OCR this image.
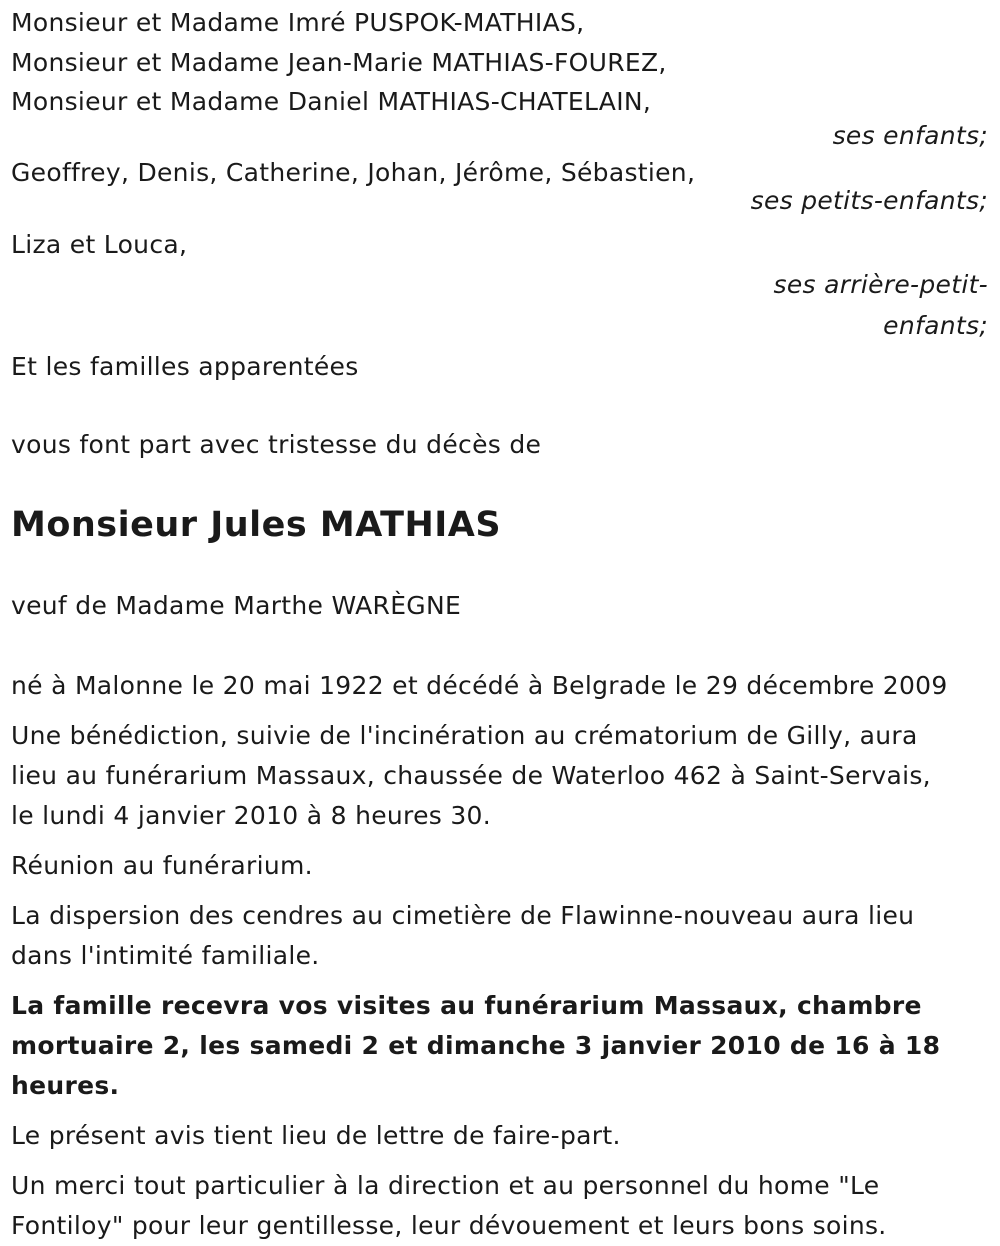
Monsieur et Madame Imré PUSPOK-MATHIAS,

Monsieur et Madame Jean-Marie MATHIAS-FOUREZ,

Monsieur et Madame Daniel MATHIAS-CHATELAIN,

ses enfants;

Geoffrey, Denis, Catherine, Johan, Jérôme, Sébastien,

ses petits-enfants;

Liza et Louca,

ses arrière-petit-

enfants;

Et les familles apparentées

vous font part avec tristesse du décès de

Monsieur Jules MATHIAS

veuf de Madame Marthe WARÈGNE

né à Malonne le 20 mai 1922 et décédé à Belgrade le 29 décembre 2009

Une bénédiction, suivie de l'incinération au crématorium de Gilly, aura

lieu au funérarium Massaux, chaussée de Waterloo 462 à Saint-Servais,

le lundi 4 janvier 2010 à 8 heures 30.

Réunion au funérarium.

La dispersion des cendres au cimetière de Flawinne-nouveau aura lieu

dans l'intimité familiale.

La famille recevra vos visites au funérarium Massaux, chambre

mortuaire 2, les samedi 2 et dimanche 3 janvier 2010 de 16 à 18

heures.

Le présent avis tient lieu de lettre de faire-part.

Un merci tout particulier à la direction et au personnel du home "Le

Fontiloy" pour leur gentillesse, leur dévouement et leurs bons soins.
